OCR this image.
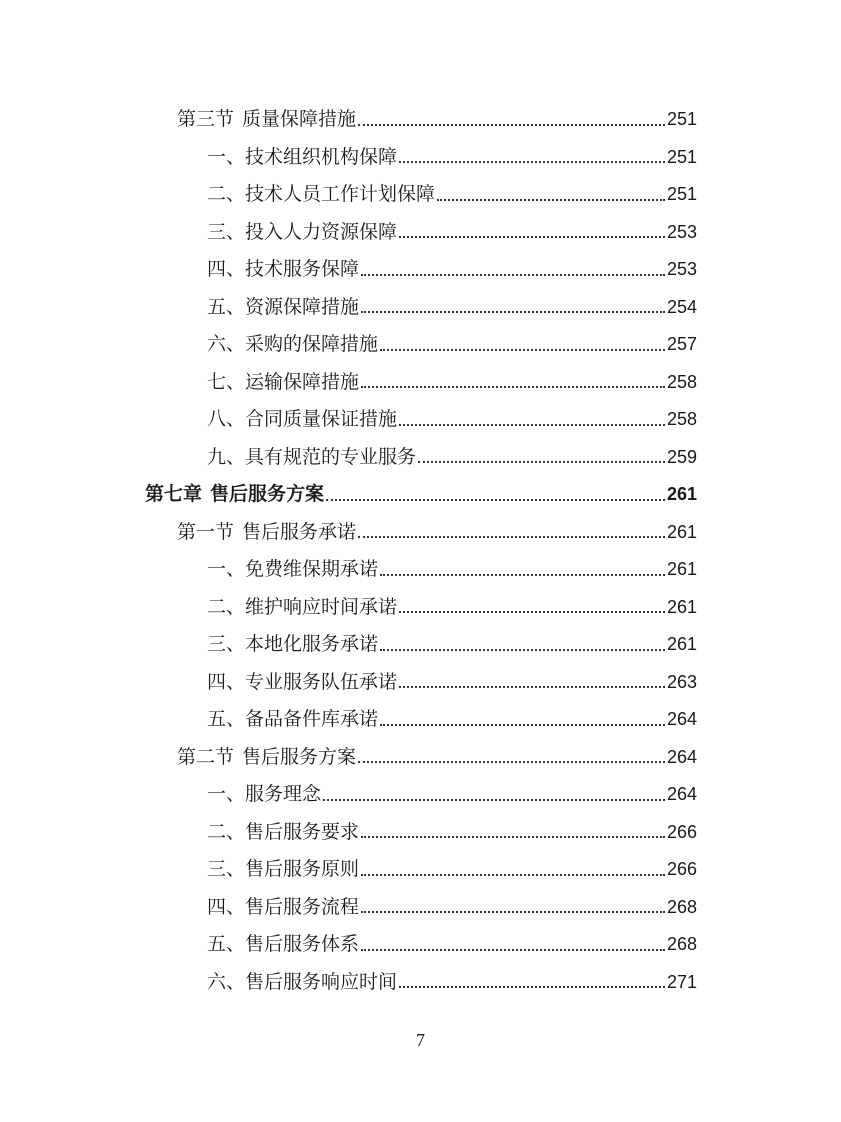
第三节 质量保障措施	251
一、技术组织机构保障	251
二、技术人员工作计划保障	251
三、投入人力资源保障	253
四、技术服务保障	253
五、资源保障措施	254
六、采购的保障措施	257
七、运输保障措施	258
八、合同质量保证措施	258
九、具有规范的专业服务	259
第七章 售后服务方案	261
第一节 售后服务承诺	261
一、免费维保期承诺	261
二、维护响应时间承诺	261
三、本地化服务承诺	261
四、专业服务队伍承诺	263
五、备品备件库承诺	264
第二节 售后服务方案	264
一、服务理念	264
二、售后服务要求	266
三、售后服务原则	266
四、售后服务流程	268
五、售后服务体系	268
六、售后服务响应时间	271
7
